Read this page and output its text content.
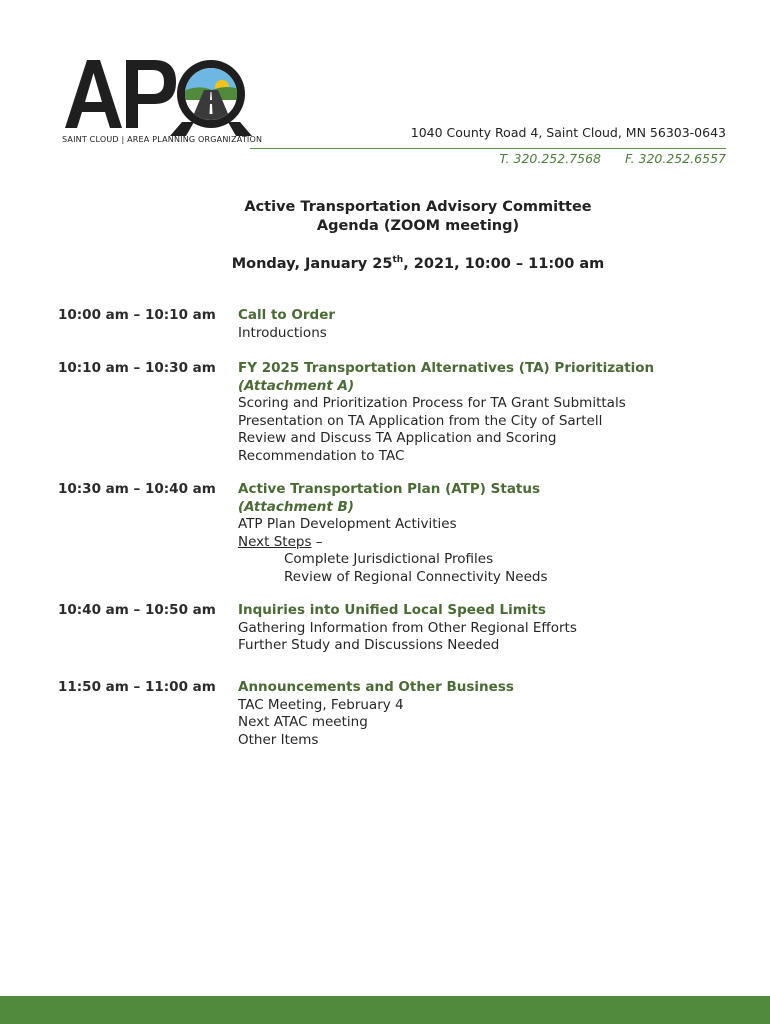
SAINT CLOUD | AREA PLANNING ORGANIZATION	1040 County Road 4, Saint Cloud, MN 56303-0643
T. 320.252.7568 F. 320.252.6557
Active Transportation Advisory Committee
Agenda (ZOOM meeting)
Monday, January 25th, 2021, 10:00 – 11:00 am
10:00 am – 10:10 am	Call to Order
Introductions
10:10 am – 10:30 am	FY 2025 Transportation Alternatives (TA) Prioritization
(Attachment A)
Scoring and Prioritization Process for TA Grant Submittals
Presentation on TA Application from the City of Sartell
Review and Discuss TA Application and Scoring
Recommendation to TAC
10:30 am – 10:40 am	Active Transportation Plan (ATP) Status
(Attachment B)
ATP Plan Development Activities
Next Steps –
Complete Jurisdictional Profiles
Review of Regional Connectivity Needs
10:40 am – 10:50 am	Inquiries into Unified Local Speed Limits
Gathering Information from Other Regional Efforts
Further Study and Discussions Needed
11:50 am – 11:00 am	Announcements and Other Business
TAC Meeting, February 4
Next ATAC meeting
Other Items
